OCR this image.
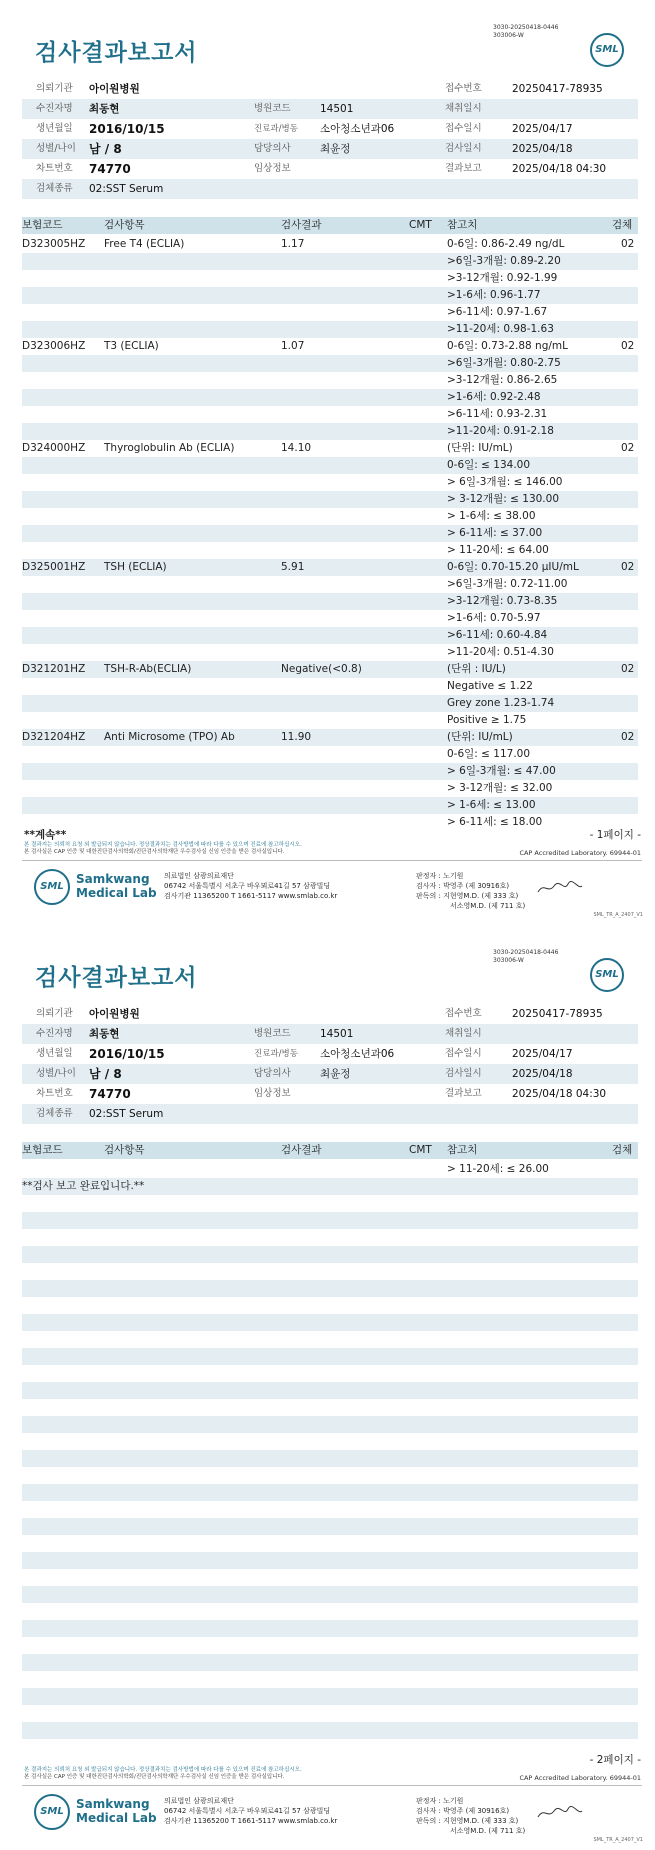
3030-20250418-0446
303006-W
검사결과보고서	SML
의뢰기관 아이원병원	접수번호	20250417-78935
수진자명 최동현	병원코드	14501	채취일시
생년월일 2016/10/15	진료과/병동 소아청소년과06	접수일시	2025/04/17
성별/나이 남 / 8	담당의사	최윤정	검사일시	2025/04/18
차트번호 74770	임상정보	결과보고	2025/04/18 04:30
검체종류 02:SST Serum
보험코드	검사항목	검사결과	CMT 참고치	검체
D323005HZ Free T4 (ECLIA)	1.17	0-6일: 0.86-2.49 ng/dL	02
>6일-3개월: 0.89-2.20
>3-12개월: 0.92-1.99
>1-6세: 0.96-1.77
>6-11세: 0.97-1.67
>11-20세: 0.98-1.63
D323006HZ T3 (ECLIA)	1.07	0-6일: 0.73-2.88 ng/mL	02
>6일-3개월: 0.80-2.75
>3-12개월: 0.86-2.65
>1-6세: 0.92-2.48
>6-11세: 0.93-2.31
>11-20세: 0.91-2.18
D324000HZ Thyroglobulin Ab (ECLIA)	14.10	(단위: IU/mL)	02
0-6일: ≤ 134.00
> 6일-3개월: ≤ 146.00
> 3-12개월: ≤ 130.00
> 1-6세: ≤ 38.00
> 6-11세: ≤ 37.00
> 11-20세: ≤ 64.00
D325001HZ TSH (ECLIA)	5.91	0-6일: 0.70-15.20 μIU/mL	02
>6일-3개월: 0.72-11.00
>3-12개월: 0.73-8.35
>1-6세: 0.70-5.97
>6-11세: 0.60-4.84
>11-20세: 0.51-4.30
D321201HZ TSH-R-Ab(ECLIA)	Negative(<0.8)	(단위 : IU/L)	02
Negative ≤ 1.22
Grey zone 1.23-1.74
Positive ≥ 1.75
D321204HZ Anti Microsome (TPO) Ab	11.90	(단위: IU/mL)	02
0-6일: ≤ 117.00
> 6일-3개월: ≤ 47.00
> 3-12개월: ≤ 32.00
> 1-6세: ≤ 13.00
> 6-11세: ≤ 18.00
**계속**	- 1페이지 -
본 결과지는 의뢰처 요청 외 발급되지 않습니다. 정상결과치는 검사방법에 따라 다를 수 있으며 진료에 참고하십시오.
본 검사실은 CAP 인증 및 대한진단검사의학회/진단검사의학재단 우수검사실 신임 인증을 받은 검사실입니다.	CAP Accredited Laboratory. 69944-01
SML
Samkwang
Medical Lab
의료법인 삼광의료재단
06742 서울특별시 서초구 바우뫼로41길 57 삼광빌딩
검사기관 11365200 T 1661-5117 www.smlab.co.kr
판정자 : 노기원
검사자 : 박영주 (제 30916호)
판독의 : 지현영M.D. (제 333 호)
서소영M.D. (제 711 호)
SML_TR_A_2407_V1
3030-20250418-0446
303006-W
검사결과보고서	SML
의뢰기관 아이원병원	접수번호	20250417-78935
수진자명 최동현	병원코드	14501	채취일시
생년월일 2016/10/15	진료과/병동 소아청소년과06	접수일시	2025/04/17
성별/나이 남 / 8	담당의사	최윤정	검사일시	2025/04/18
차트번호 74770	임상정보	결과보고	2025/04/18 04:30
검체종류 02:SST Serum
보험코드	검사항목	검사결과	CMT 참고치	검체
> 11-20세: ≤ 26.00
**검사 보고 완료입니다.**
- 2페이지 -
본 결과지는 의뢰처 요청 외 발급되지 않습니다. 정상결과치는 검사방법에 따라 다를 수 있으며 진료에 참고하십시오.
본 검사실은 CAP 인증 및 대한진단검사의학회/진단검사의학재단 우수검사실 신임 인증을 받은 검사실입니다.	CAP Accredited Laboratory. 69944-01
SML
Samkwang
Medical Lab
의료법인 삼광의료재단
06742 서울특별시 서초구 바우뫼로41길 57 삼광빌딩
검사기관 11365200 T 1661-5117 www.smlab.co.kr
판정자 : 노기원
검사자 : 박영주 (제 30916호)
판독의 : 지현영M.D. (제 333 호)
서소영M.D. (제 711 호)
SML_TR_A_2407_V1
